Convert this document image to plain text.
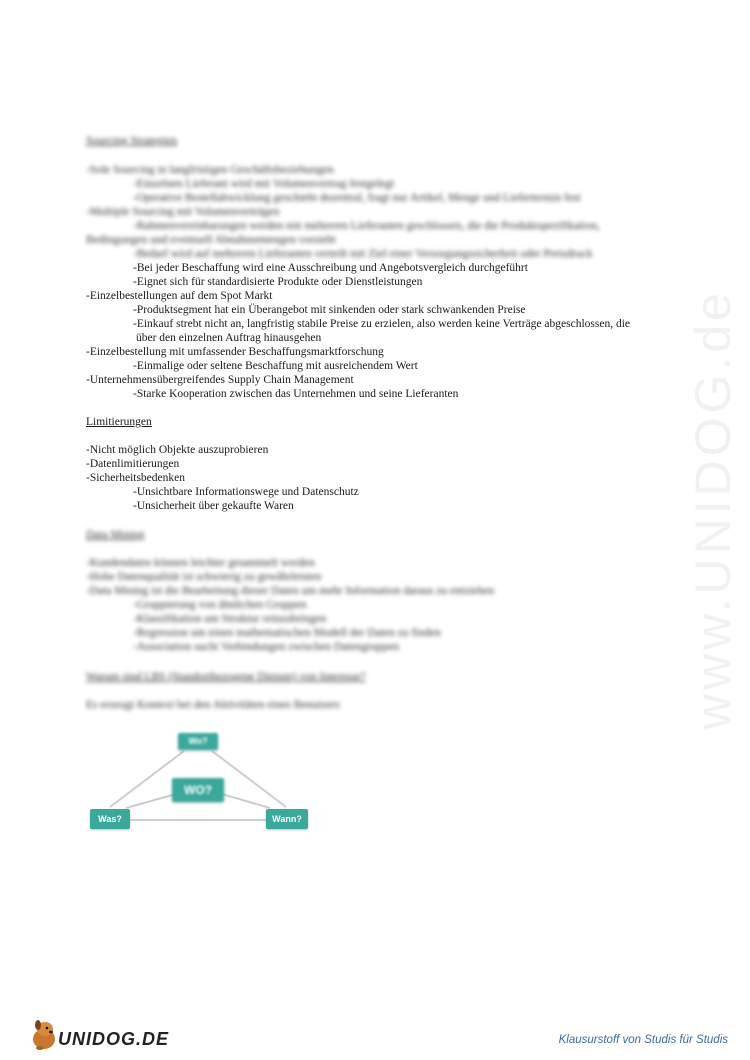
www.UNIDOG.de
Sourcing Strategien
-Sole Sourcing in langfristigen Geschäftsbeziehungen
-Einzelnen Lieferant wird mit Volumenvertrag festgelegt
-Operative Bestellabwicklung geschieht dezentral, fragt nur Artikel, Menge und Liefertermin fest
-Multiple Sourcing mit Volumenverträgen
-Rahmenvereinbarungen werden mit mehreren Lieferanten geschlossen, die die Produktspezifikation,
Bedingungen und eventuell Abnahmemengen vorsieht
-Bedarf wird auf mehreren Lieferanten verteilt mit Ziel einer Versorgungssicherheit oder Preisdruck
-Bei jeder Beschaffung wird eine Ausschreibung und Angebotsvergleich durchgeführt
-Eignet sich für standardisierte Produkte oder Dienstleistungen
-Einzelbestellungen auf dem Spot Markt
-Produktsegment hat ein Überangebot mit sinkenden oder stark schwankenden Preise
-Einkauf strebt nicht an, langfristig stabile Preise zu erzielen, also werden keine Verträge abgeschlossen, die
über den einzelnen Auftrag hinausgehen
-Einzelbestellung mit umfassender Beschaffungsmarktforschung
-Einmalige oder seltene Beschaffung mit ausreichendem Wert
-Unternehmensübergreifendes Supply Chain Management
-Starke Kooperation zwischen das Unternehmen und seine Lieferanten
Limitierungen
-Nicht möglich Objekte auszuprobieren
-Datenlimitierungen
-Sicherheitsbedenken
-Unsichtbare Informationswege und Datenschutz
-Unsicherheit über gekaufte Waren
Data Mining
-Kundendaten können leichter gesammelt werden
-Hohe Datenqualität ist schwierig zu gewährleisten
-Data Mining ist die Bearbeitung dieser Daten um mehr Information daraus zu entziehen
-Gruppierung von ähnlichen Gruppen
-Klassifikation um Struktur reinzubringen
-Regression um einen mathematischen Modell der Daten zu finden
-Association sucht Verbindungen zwischen Datengruppen
Warum sind LBS (Standortbezogene Dienste) von Interesse?
Es erzeugt Kontext bei den Aktivitäten eines Benutzers
Wo?
WO?
Was?	Wann?
UNIDOG.DE	Klausurstoff von Studis für Studis
